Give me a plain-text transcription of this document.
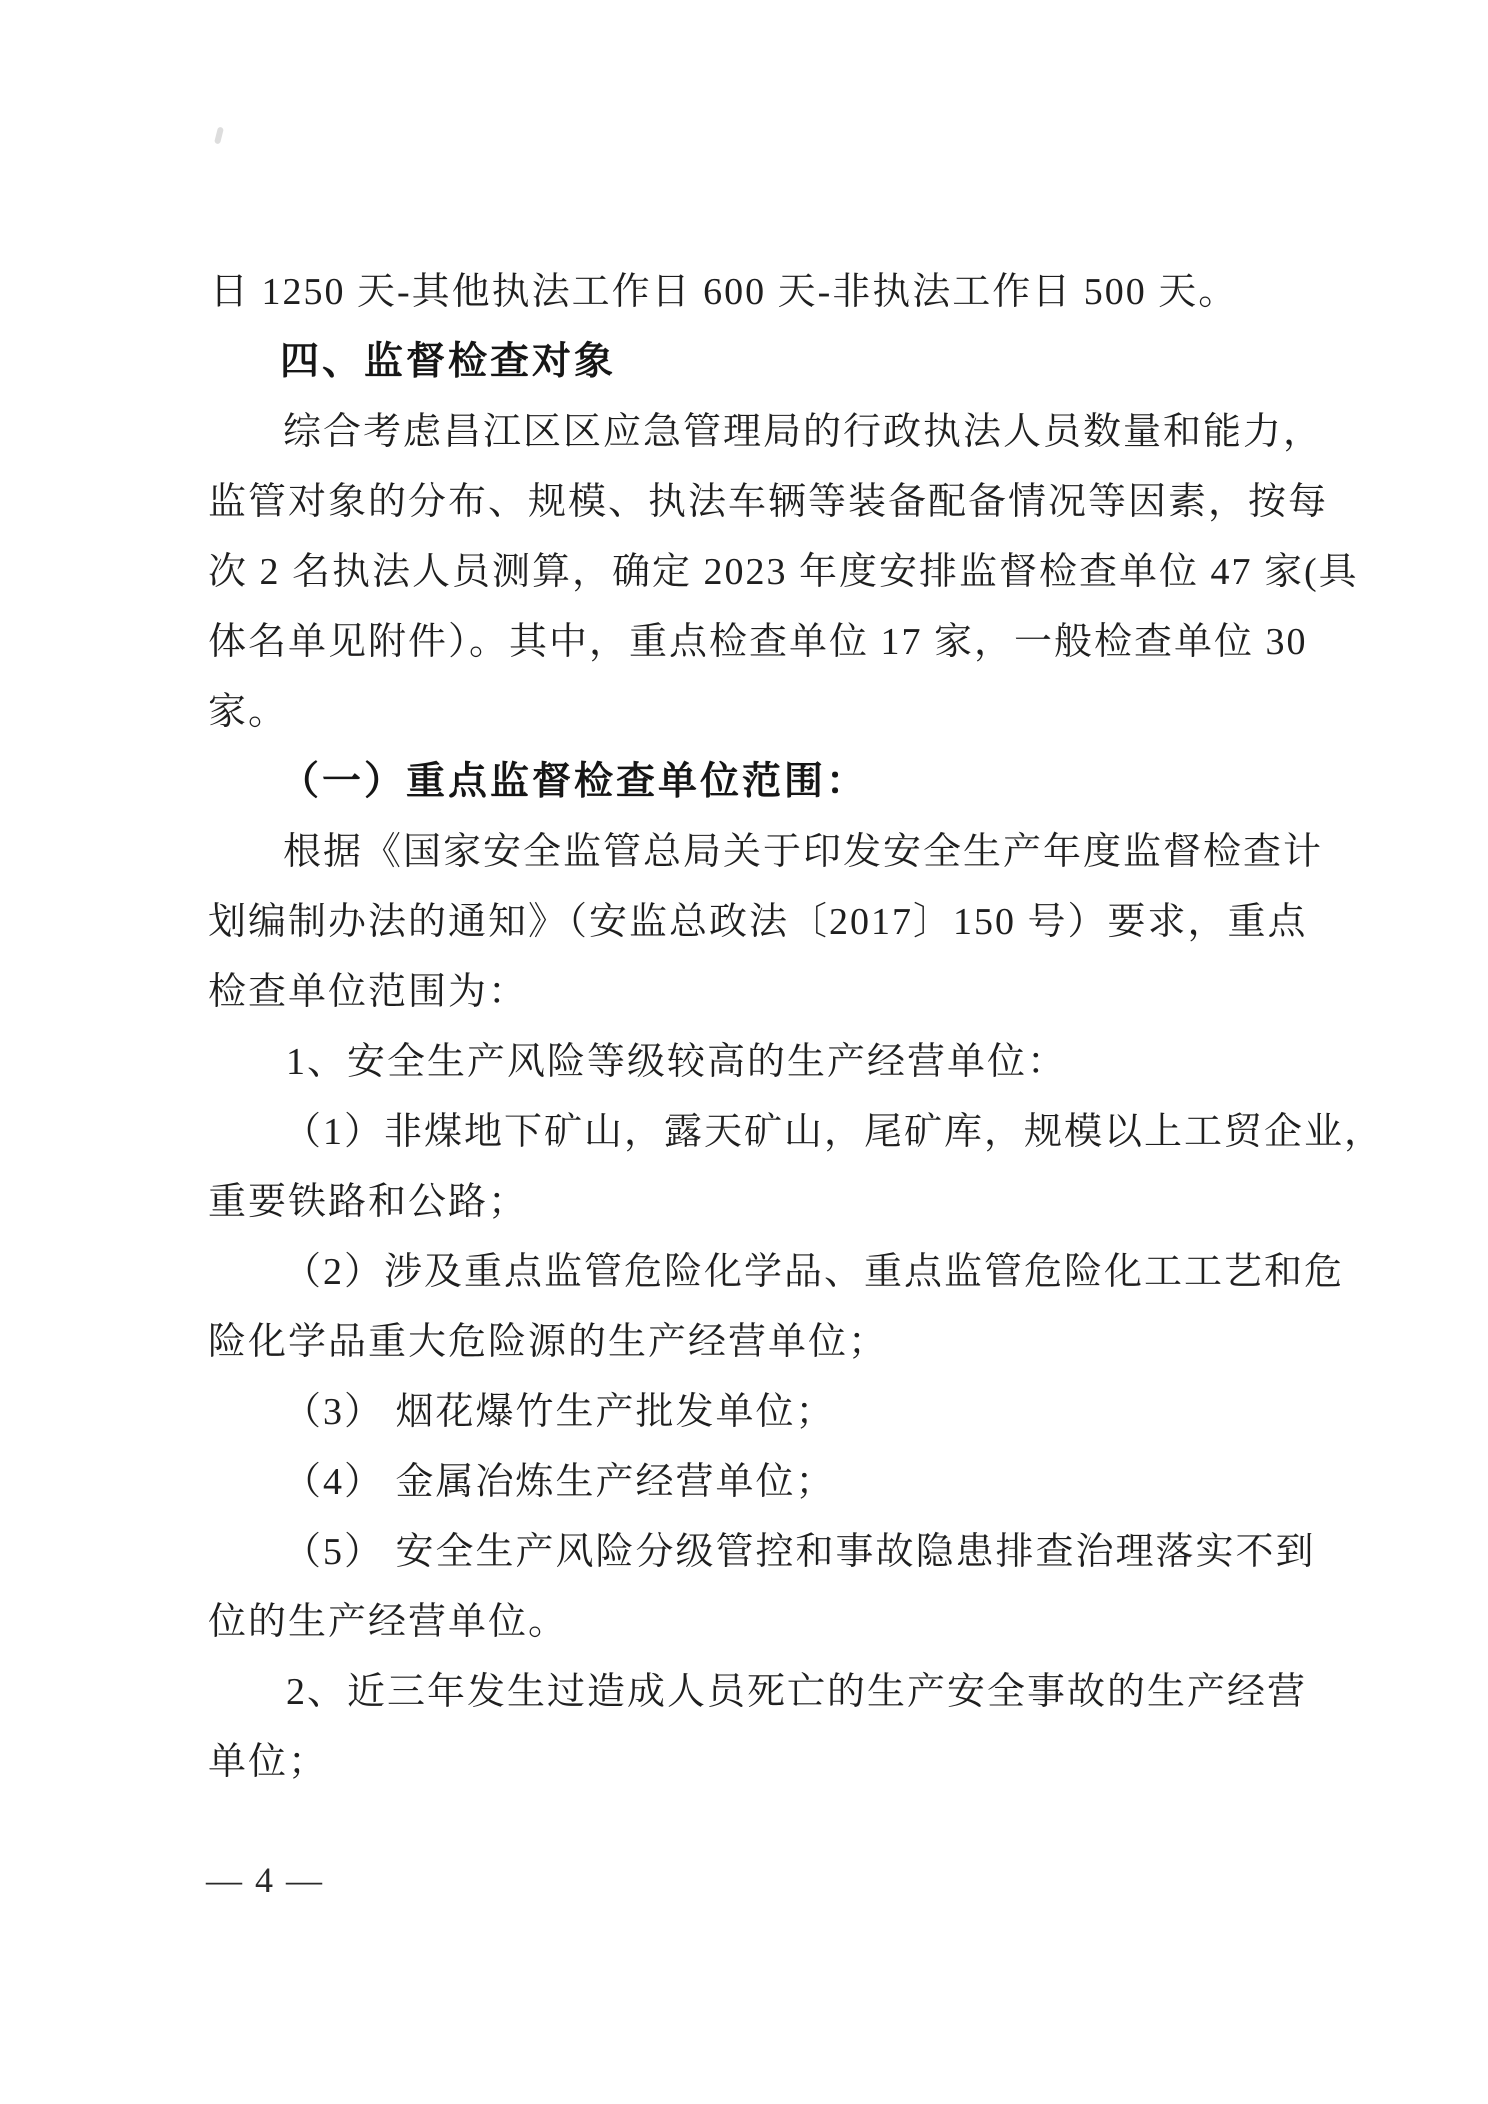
日 1250 天-其他执法工作日 600 天-非执法工作日 500 天。
四、监督检查对象
综合考虑昌江区区应急管理局的行政执法人员数量和能力，
监管对象的分布、规模、执法车辆等装备配备情况等因素，按每
次 2 名执法人员测算，确定 2023 年度安排监督检查单位 47 家(具
体名单见附件）。其中，重点检查单位 17 家，一般检查单位 30
家。
（一）重点监督检查单位范围：
根据《国家安全监管总局关于印发安全生产年度监督检查计
划编制办法的通知》（安监总政法〔2017〕150 号）要求，重点
检查单位范围为：
1、安全生产风险等级较高的生产经营单位：
（1）非煤地下矿山，露天矿山，尾矿库，规模以上工贸企业，
重要铁路和公路；
（2）涉及重点监管危险化学品、重点监管危险化工工艺和危
险化学品重大危险源的生产经营单位；
（3） 烟花爆竹生产批发单位；
（4） 金属冶炼生产经营单位；
（5） 安全生产风险分级管控和事故隐患排查治理落实不到
位的生产经营单位。
2、近三年发生过造成人员死亡的生产安全事故的生产经营
单位；
— 4 —
